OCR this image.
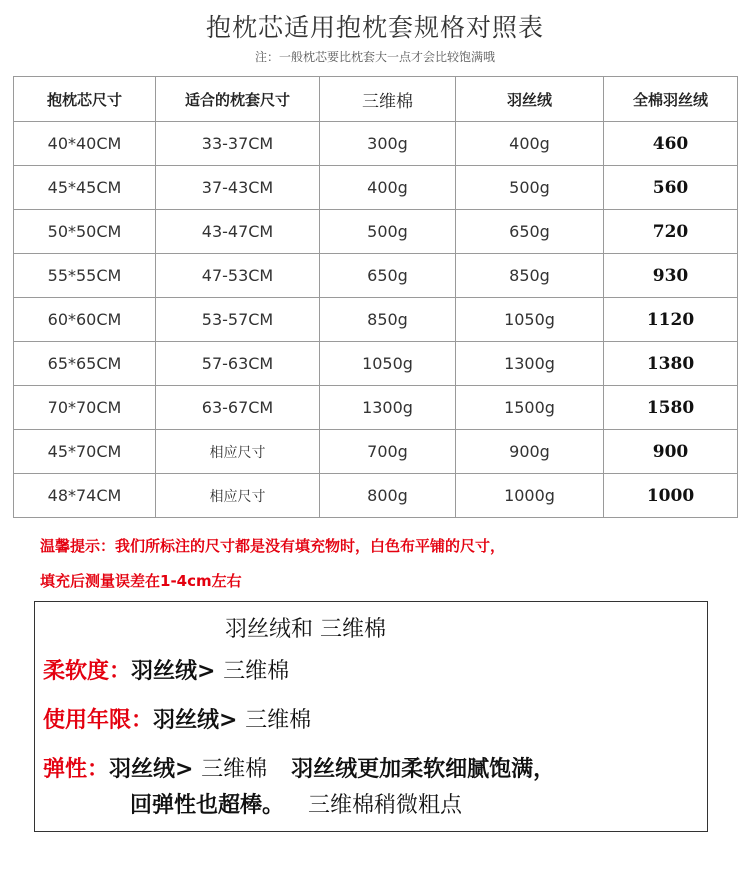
抱枕芯适用抱枕套规格对照表
注：一般枕芯要比枕套大一点才会比较饱满哦
抱枕芯尺寸	适合的枕套尺寸	三维棉	羽丝绒	全棉羽丝绒
40*40CM	33-37CM	300g	400g	460
45*45CM	37-43CM	400g	500g	560
50*50CM	43-47CM	500g	650g	720
55*55CM	47-53CM	650g	850g	930
60*60CM	53-57CM	850g	1050g	1120
65*65CM	57-63CM	1050g	1300g	1380
70*70CM	63-67CM	1300g	1500g	1580
45*70CM	相应尺寸	700g	900g	900
48*74CM	相应尺寸	800g	1000g	1000
温馨提示：我们所标注的尺寸都是没有填充物时，白色布平铺的尺寸，
填充后测量误差在1-4cm左右
羽丝绒和 三维棉
柔软度：羽丝绒> 三维棉
使用年限：羽丝绒> 三维棉
弹性：羽丝绒> 三维棉 羽丝绒更加柔软细腻饱满，
回弹性也超棒。 三维棉稍微粗点
